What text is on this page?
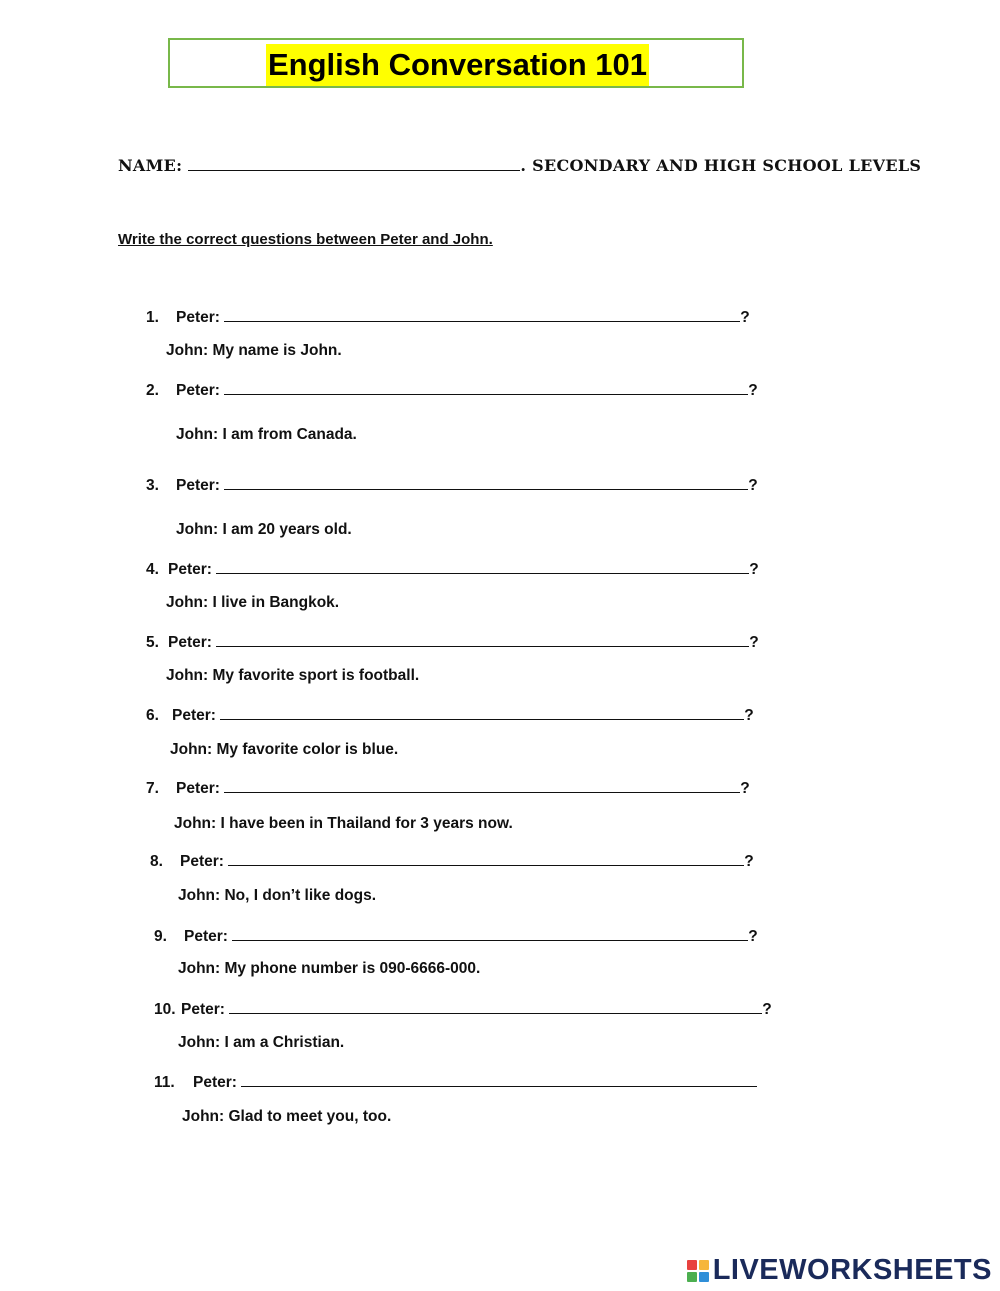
English Conversation 101
NAME:	. SECONDARY AND HIGH SCHOOL LEVELS
Write the correct questions between Peter and John.
1. Peter:	?
John: My name is John.
2. Peter:	?
John: I am from Canada.
3. Peter:	?
John: I am 20 years old.
4. Peter:	?
John: I live in Bangkok.
5. Peter:	?
John: My favorite sport is football.
6. Peter:	?
John: My favorite color is blue.
7. Peter:	?
John: I have been in Thailand for 3 years now.
8. Peter:	?
John: No, I don’t like dogs.
9. Peter:	?
John: My phone number is 090-6666-000.
10. Peter:	?
John: I am a Christian.
11. Peter:
John: Glad to meet you, too.
LIVEWORKSHEETS
